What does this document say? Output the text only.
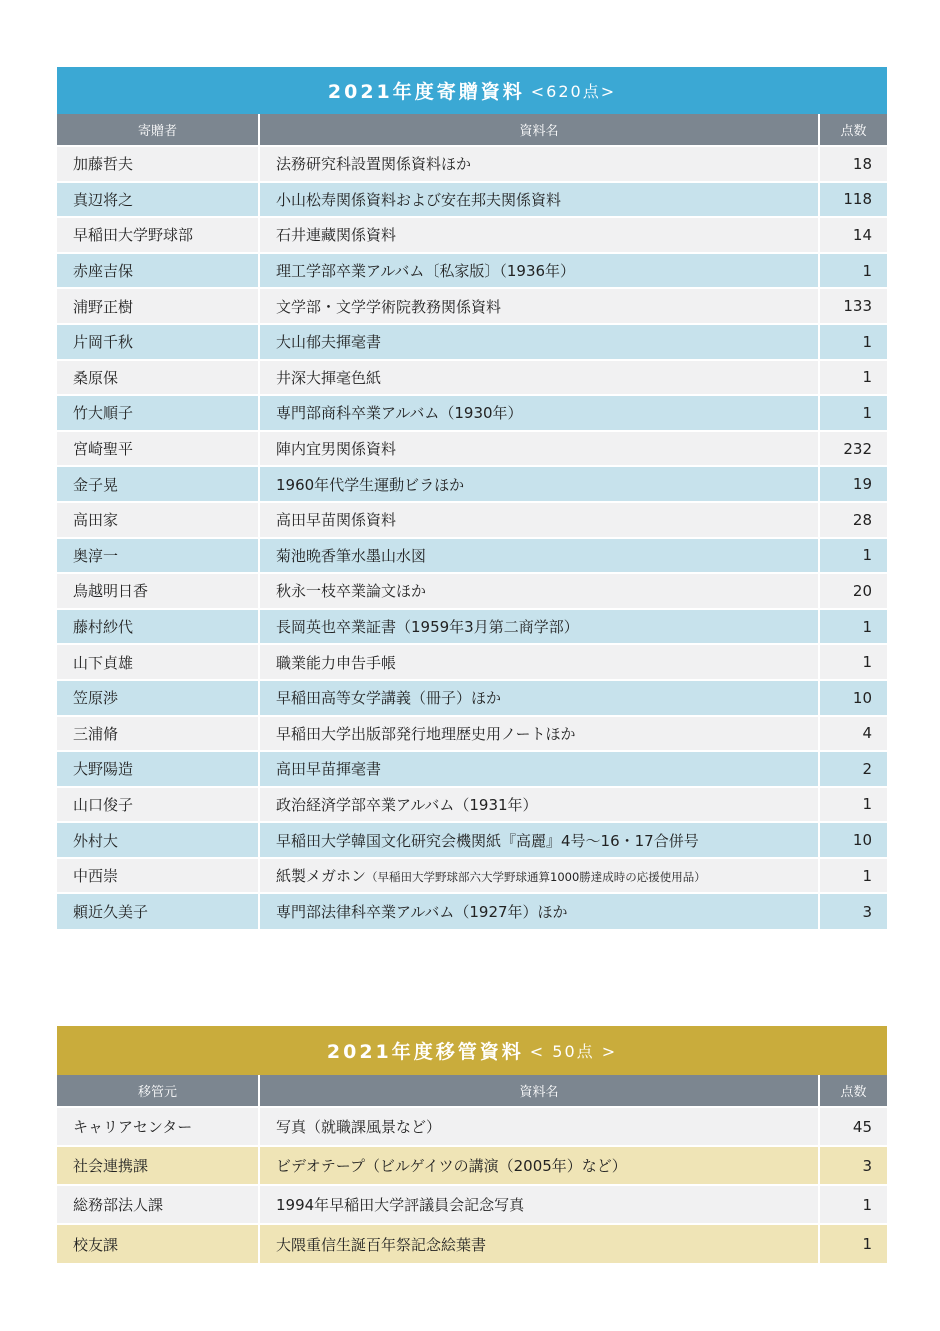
2021年度寄贈資料 <620点>
寄贈者	資料名	点数
加藤哲夫	法務研究科設置関係資料ほか	18
真辺将之	小山松寿関係資料および安在邦夫関係資料	118
早稲田大学野球部	石井連藏関係資料	14
赤座吉保	理工学部卒業アルバム〔私家版〕（1936年）	1
浦野正樹	文学部・文学学術院教務関係資料	133
片岡千秋	大山郁夫揮毫書	1
桑原保	井深大揮毫色紙	1
竹大順子	専門部商科卒業アルバム（1930年）	1
宮崎聖平	陣内宜男関係資料	232
金子晃	1960年代学生運動ビラほか	19
高田家	高田早苗関係資料	28
奥淳一	菊池晩香筆水墨山水図	1
鳥越明日香	秋永一枝卒業論文ほか	20
藤村紗代	長岡英也卒業証書（1959年3月第二商学部）	1
山下貞雄	職業能力申告手帳	1
笠原渉	早稲田高等女学講義（冊子）ほか	10
三浦脩	早稲田大学出版部発行地理歴史用ノートほか	4
大野陽造	高田早苗揮毫書	2
山口俊子	政治経済学部卒業アルバム（1931年）	1
外村大	早稲田大学韓国文化研究会機関紙『高麗』4号〜16・17合併号	10
中西崇	紙製メガホン（早稲田大学野球部六大学野球通算1000勝達成時の応援使用品）	1
頼近久美子	専門部法律科卒業アルバム（1927年）ほか	3
2021年度移管資料 < 50点 >
移管元	資料名	点数
キャリアセンター	写真（就職課風景など）	45
社会連携課	ビデオテープ（ビルゲイツの講演（2005年）など）	3
総務部法人課	1994年早稲田大学評議員会記念写真	1
校友課	大隈重信生誕百年祭記念絵葉書	1
